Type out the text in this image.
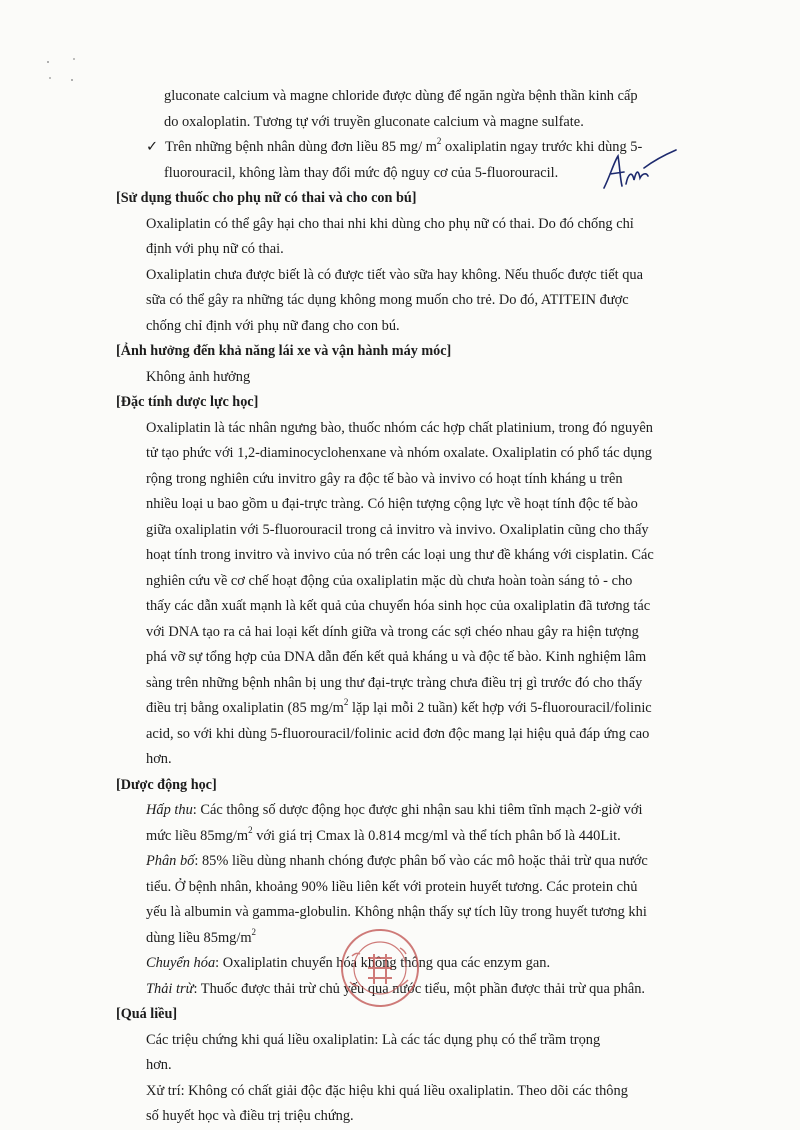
gluconate calcium và magne chloride được dùng để ngăn ngừa bệnh thần kinh cấp

do oxaloplatin. Tương tự với truyền gluconate calcium và magne sulfate.

✓ Trên những bệnh nhân dùng đơn liều 85 mg/ $m^2$ oxaliplatin ngay trước khi dùng 5-

fluorouracil, không làm thay đổi mức độ nguy cơ của 5-fluorouracil.

[Sử dụng thuốc cho phụ nữ có thai và cho con bú]

Oxaliplatin có thể gây hại cho thai nhi khi dùng cho phụ nữ có thai. Do đó chống chỉ

định với phụ nữ có thai.

Oxaliplatin chưa được biết là có được tiết vào sữa hay không. Nếu thuốc được tiết qua

sữa có thể gây ra những tác dụng không mong muốn cho trẻ. Do đó, ATITEIN được

chống chỉ định với phụ nữ đang cho con bú.

[Ảnh hưởng đến khả năng lái xe và vận hành máy móc]

Không ảnh hưởng

[Đặc tính dược lực học]

Oxaliplatin là tác nhân ngưng bào, thuốc nhóm các hợp chất platinium, trong đó nguyên

tử tạo phức với 1,2-diaminocyclohenxane và nhóm oxalate. Oxaliplatin có phổ tác dụng

rộng trong nghiên cứu invitro gây ra độc tế bào và invivo có hoạt tính kháng u trên

nhiều loại u bao gồm u đại-trực tràng. Có hiện tượng cộng lực về hoạt tính độc tế bào

giữa oxaliplatin với 5-fluorouracil trong cả invitro và invivo. Oxaliplatin cũng cho thấy

hoạt tính trong invitro và invivo của nó trên các loại ung thư đề kháng với cisplatin. Các

nghiên cứu về cơ chế hoạt động của oxaliplatin mặc dù chưa hoàn toàn sáng tỏ - cho

thấy các dẫn xuất mạnh là kết quả của chuyển hóa sinh học của oxaliplatin đã tương tác

với DNA tạo ra cả hai loại kết dính giữa và trong các sợi chéo nhau gây ra hiện tượng

phá vỡ sự tổng hợp của DNA dẫn đến kết quả kháng u và độc tế bào. Kinh nghiệm lâm

sàng trên những bệnh nhân bị ung thư đại-trực tràng chưa điều trị gì trước đó cho thấy

điều trị bằng oxaliplatin (85 $mg/m^2$ lặp lại mỗi 2 tuần) kết hợp với 5-fluorouracil/folinic

acid, so với khi dùng 5-fluorouracil/folinic acid đơn độc mang lại hiệu quả đáp ứng cao

hơn.

[Dược động học]

Hấp thu: Các thông số dược động học được ghi nhận sau khi tiêm tĩnh mạch 2-giờ với

mức liều $85mg/m^2$ với giá trị Cmax là 0.814 mcg/ml và thể tích phân bố là 440Lit.

Phân bố: 85% liều dùng nhanh chóng được phân bố vào các mô hoặc thải trừ qua nước

tiểu. Ở bệnh nhân, khoảng 90% liều liên kết với protein huyết tương. Các protein chủ

yếu là albumin và gamma-globulin. Không nhận thấy sự tích lũy trong huyết tương khi

dùng liều $85mg/m^2$

Chuyển hóa: Oxaliplatin chuyển hóa không thông qua các enzym gan.

Thải trừ: Thuốc được thải trừ chủ yếu qua nước tiểu, một phần được thải trừ qua phân.

[Quá liều]

Các triệu chứng khi quá liều oxaliplatin: Là các tác dụng phụ có thể trầm trọng

hơn.

Xử trí: Không có chất giải độc đặc hiệu khi quá liều oxaliplatin. Theo dõi các thông

số huyết học và điều trị triệu chứng.
